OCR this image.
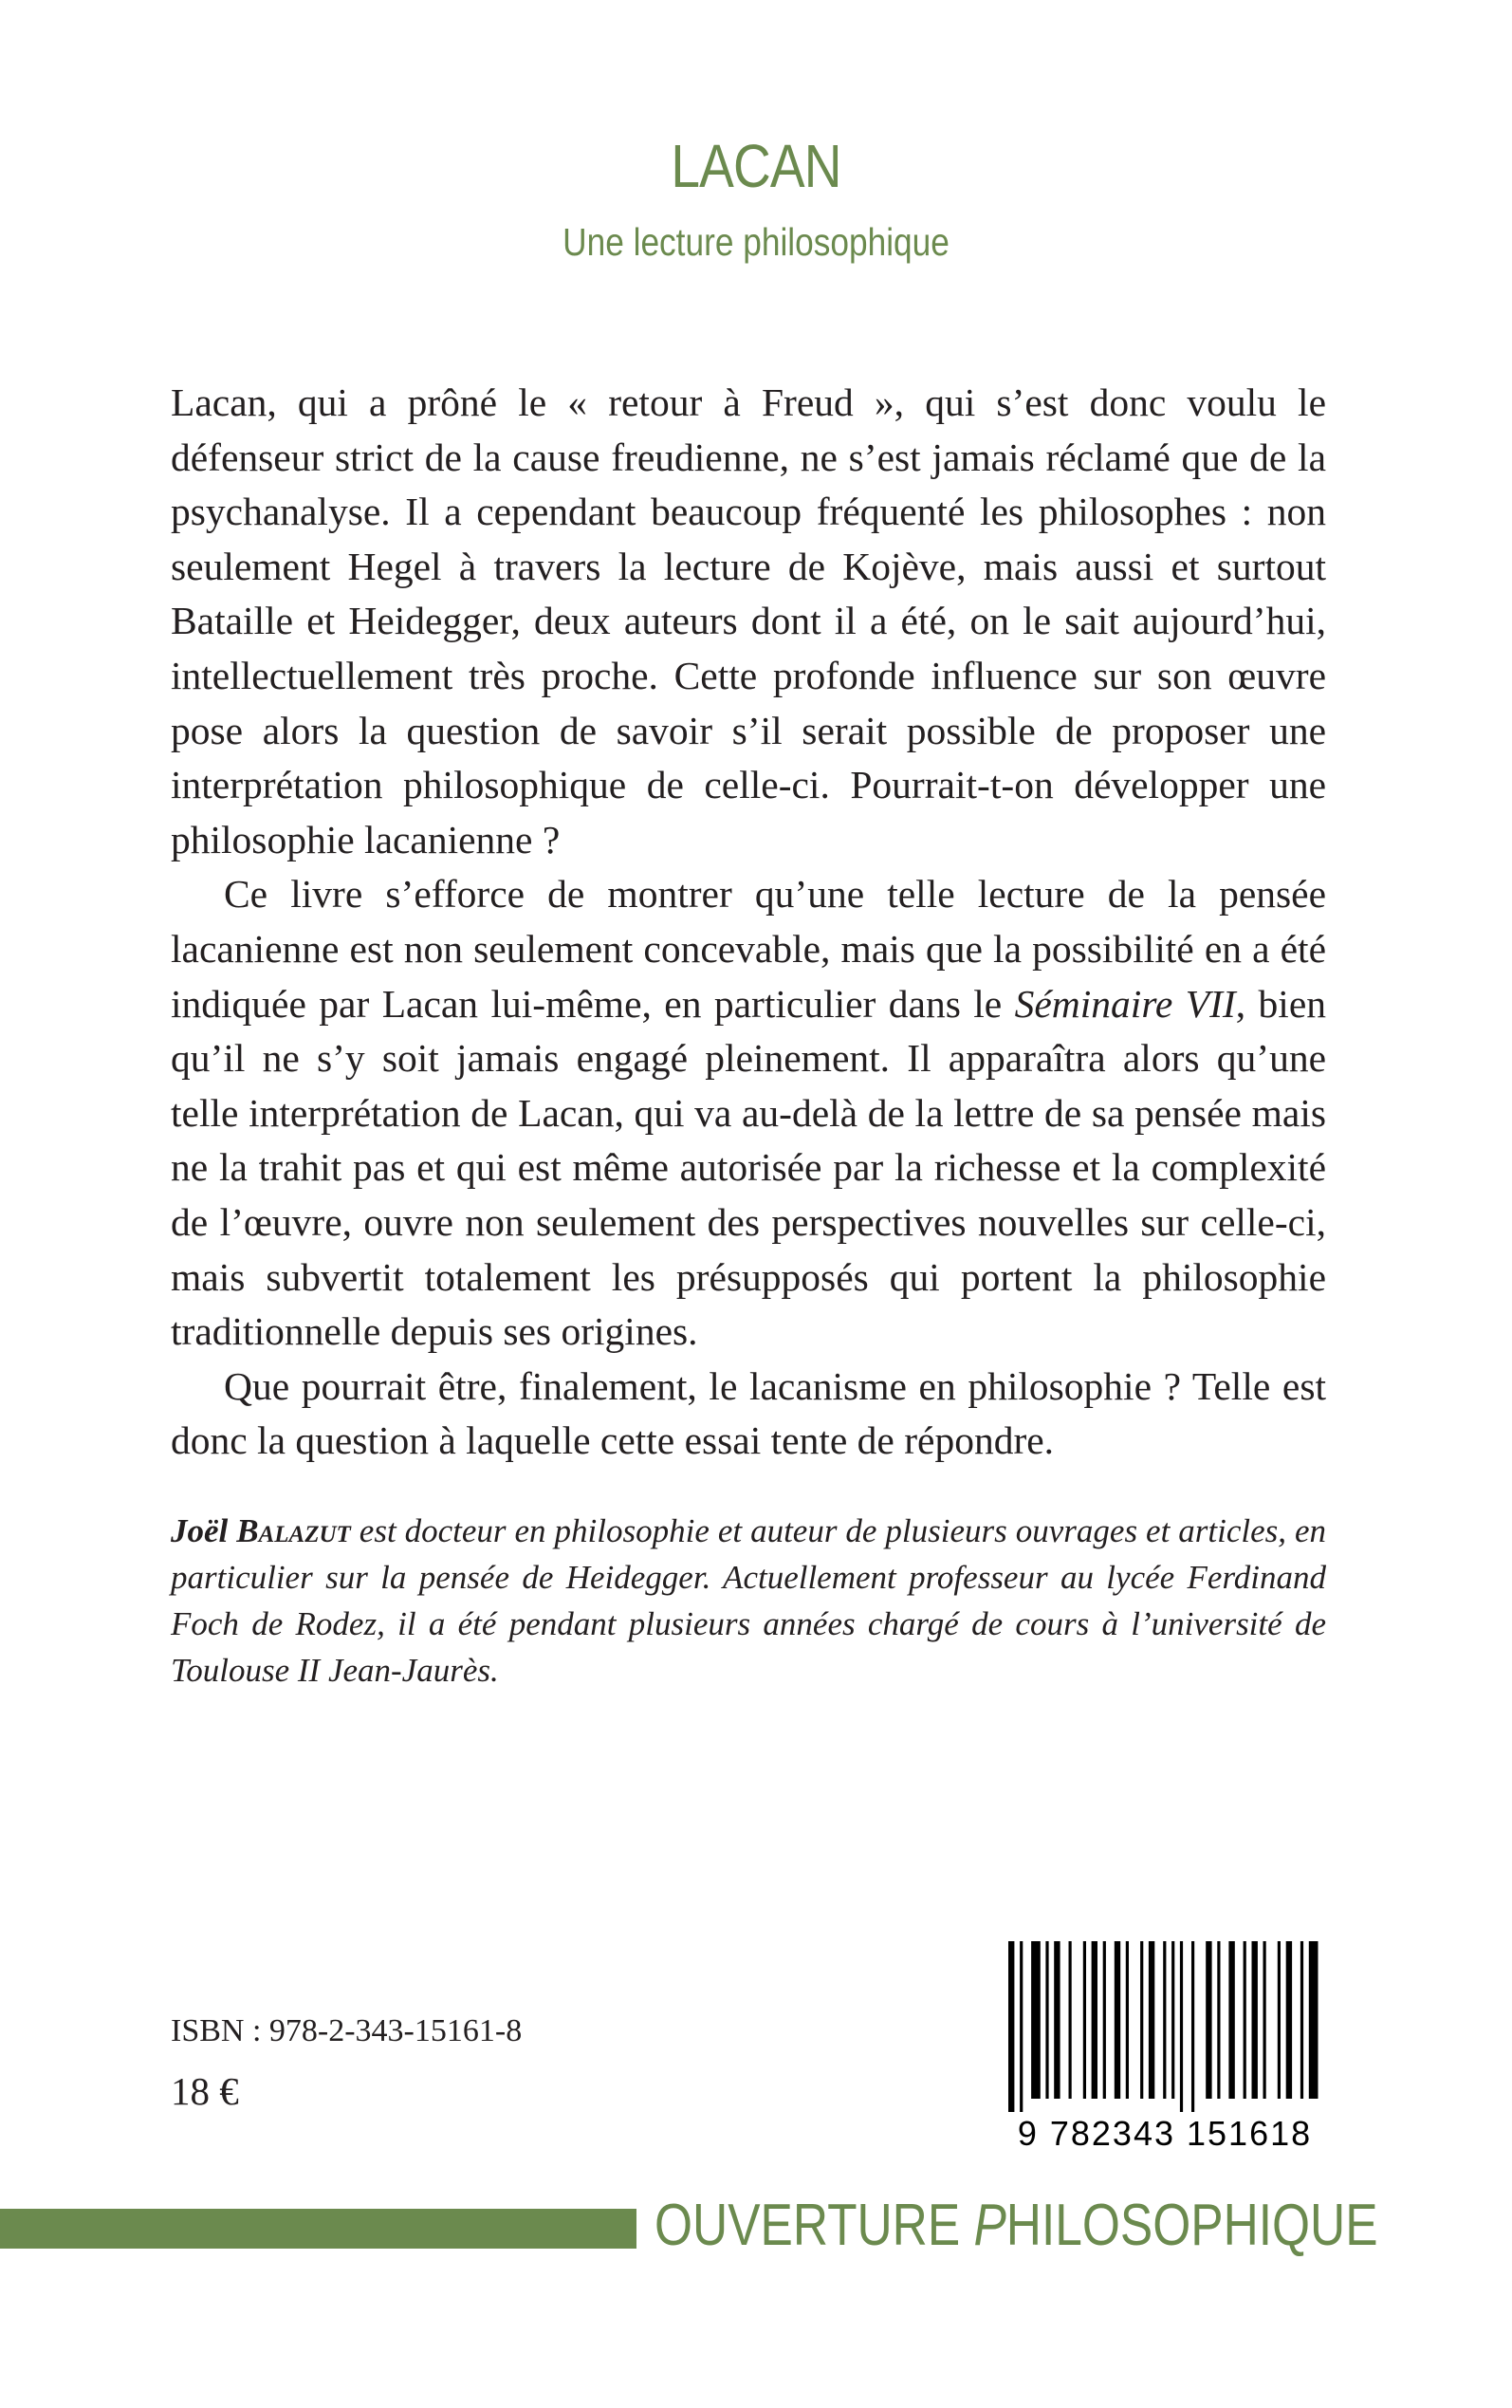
LACAN
Une lecture philosophique

Lacan, qui a prôné le « retour à Freud », qui s’est donc voulu le défenseur strict de la cause freudienne, ne s’est jamais réclamé que de la psychanalyse. Il a cependant beaucoup fréquenté les philosophes : non seulement Hegel à travers la lecture de Kojève, mais aussi et surtout Bataille et Heidegger, deux auteurs dont il a été, on le sait aujourd’hui, intellectuellement très proche. Cette profonde influence sur son œuvre pose alors la question de savoir s’il serait possible de proposer une interprétation philosophique de celle-ci. Pourrait-t-on développer une philosophie lacanienne ?

Ce livre s’efforce de montrer qu’une telle lecture de la pensée lacanienne est non seulement concevable, mais que la possibilité en a été indiquée par Lacan lui-même, en particulier dans le Séminaire VII, bien qu’il ne s’y soit jamais engagé pleinement. Il apparaîtra alors qu’une telle interprétation de Lacan, qui va au-delà de la lettre de sa pensée mais ne la trahit pas et qui est même autorisée par la richesse et la complexité de l’œuvre, ouvre non seulement des perspectives nouvelles sur celle-ci, mais subvertit totalement les présupposés qui portent la philosophie traditionnelle depuis ses origines.

Que pourrait être, finalement, le lacanisme en philosophie ? Telle est donc la question à laquelle cette essai tente de répondre.

Joël Balazut est docteur en philosophie et auteur de plusieurs ouvrages et articles, en particulier sur la pensée de Heidegger. Actuellement professeur au lycée Ferdinand Foch de Rodez, il a été pendant plusieurs années chargé de cours à l’université de Toulouse II Jean-Jaurès.
ISBN : 978-2-343-15161-8
18 €
9 782343 151618
OUVERTURE PHILOSOPHIQUE
